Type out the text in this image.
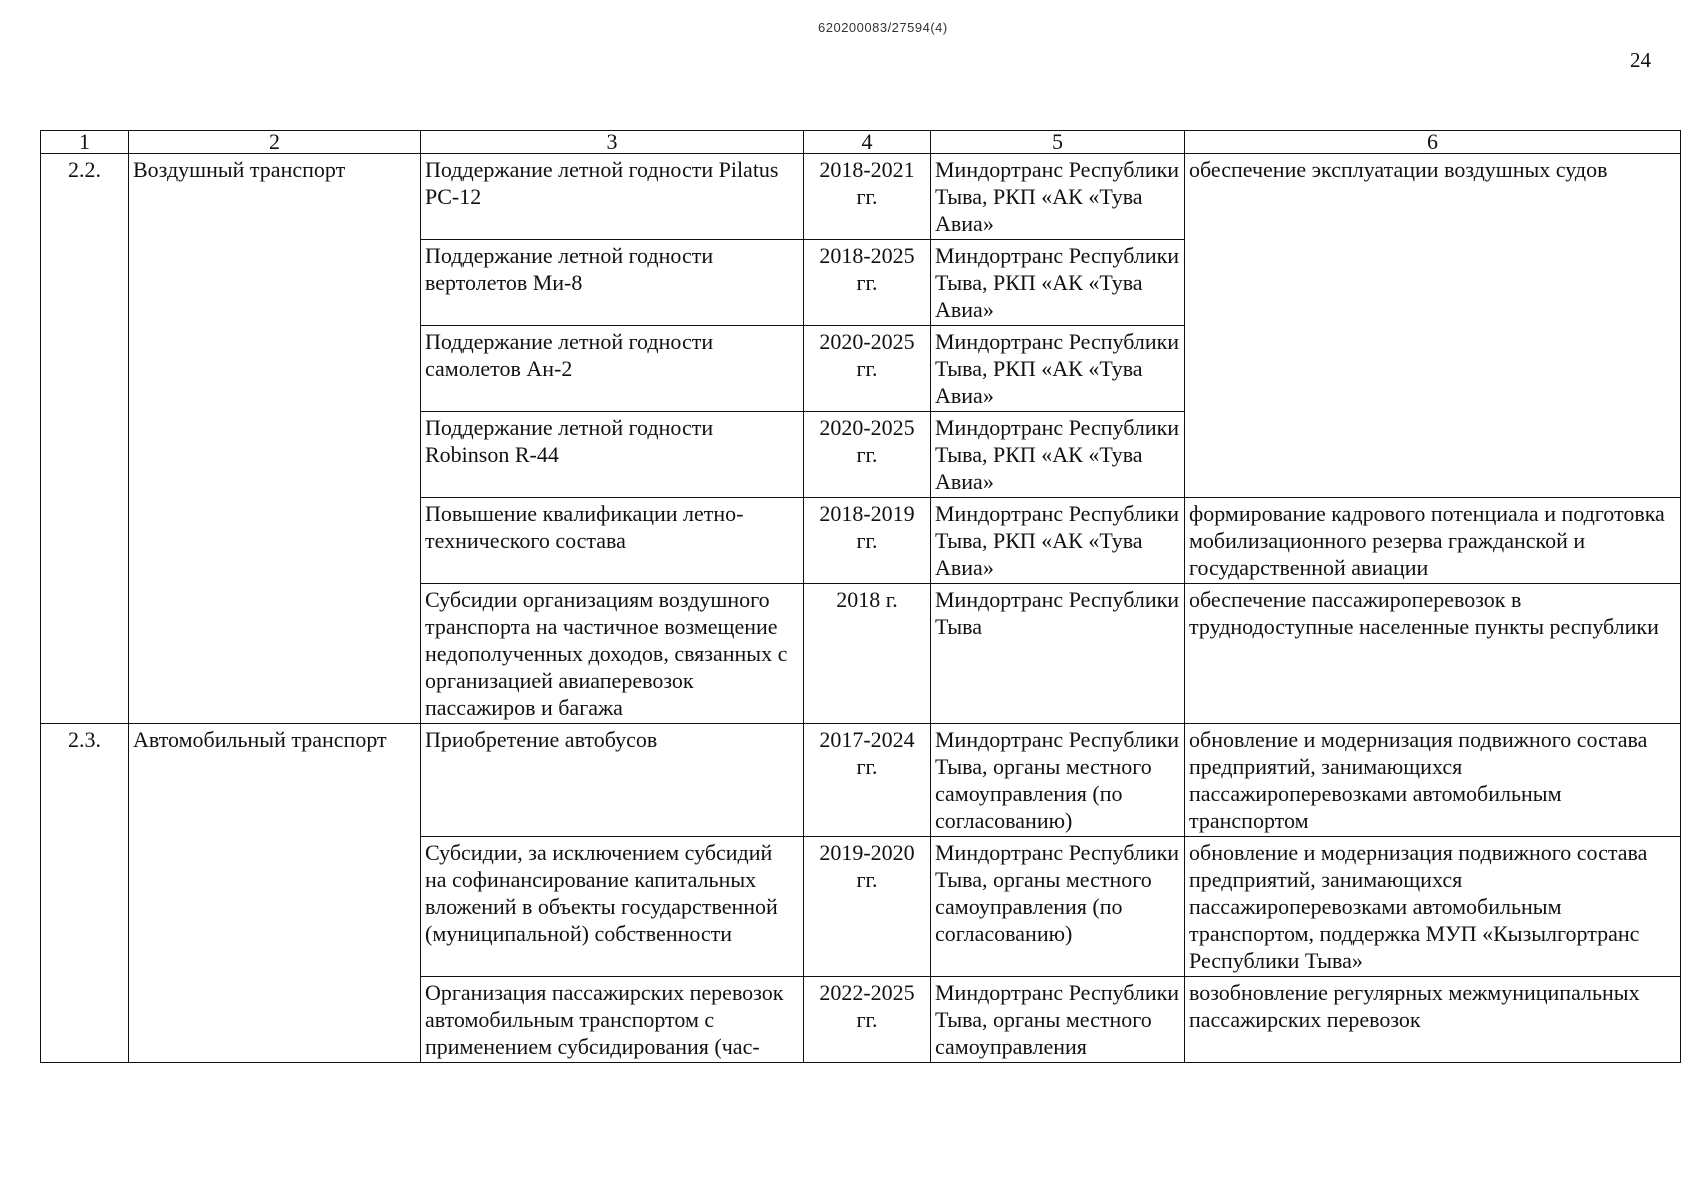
620200083/27594(4)
24
1	2	3	4	5	6
2.2.	Воздушный транспорт	Поддержание летной годности Pilatus PC-12	2018-2021 гг.	Миндортранс Республики Тыва, РКП «АК «Тува Авиа»	обеспечение эксплуатации воздушных судов
		Поддержание летной годности вертолетов Ми-8	2018-2025 гг.	Миндортранс Республики Тыва, РКП «АК «Тува Авиа»	
		Поддержание летной годности самолетов Ан-2	2020-2025 гг.	Миндортранс Республики Тыва, РКП «АК «Тува Авиа»	
		Поддержание летной годности Robinson R-44	2020-2025 гг.	Миндортранс Республики Тыва, РКП «АК «Тува Авиа»	
		Повышение квалификации летно-технического состава	2018-2019 гг.	Миндортранс Республики Тыва, РКП «АК «Тува Авиа»	формирование кадрового потенциала и подготовка мобилизационного резерва гражданской и государственной авиации
		Субсидии организациям воздушного транспорта на частичное возмещение недополученных доходов, связанных с организацией авиаперевозок пассажиров и багажа	2018 г.	Миндортранс Республики Тыва	обеспечение пассажироперевозок в труднодоступные населенные пункты республики
2.3.	Автомобильный транспорт	Приобретение автобусов	2017-2024 гг.	Миндортранс Республики Тыва, органы местного самоуправления (по согласованию)	обновление и модернизация подвижного состава предприятий, занимающихся пассажироперевозками автомобильным транспортом
		Субсидии, за исключением субсидий на софинансирование капитальных вложений в объекты государственной (муниципальной) собственности	2019-2020 гг.	Миндортранс Республики Тыва, органы местного самоуправления (по согласованию)	обновление и модернизация подвижного состава предприятий, занимающихся пассажироперевозками автомобильным транспортом, поддержка МУП «Кызылгортранс Республики Тыва»
		Организация пассажирских перевозок автомобильным транспортом с применением субсидирования (час-	2022-2025 гг.	Миндортранс Республики Тыва, органы местного самоуправления	возобновление регулярных межмуниципальных пассажирских перевозок
